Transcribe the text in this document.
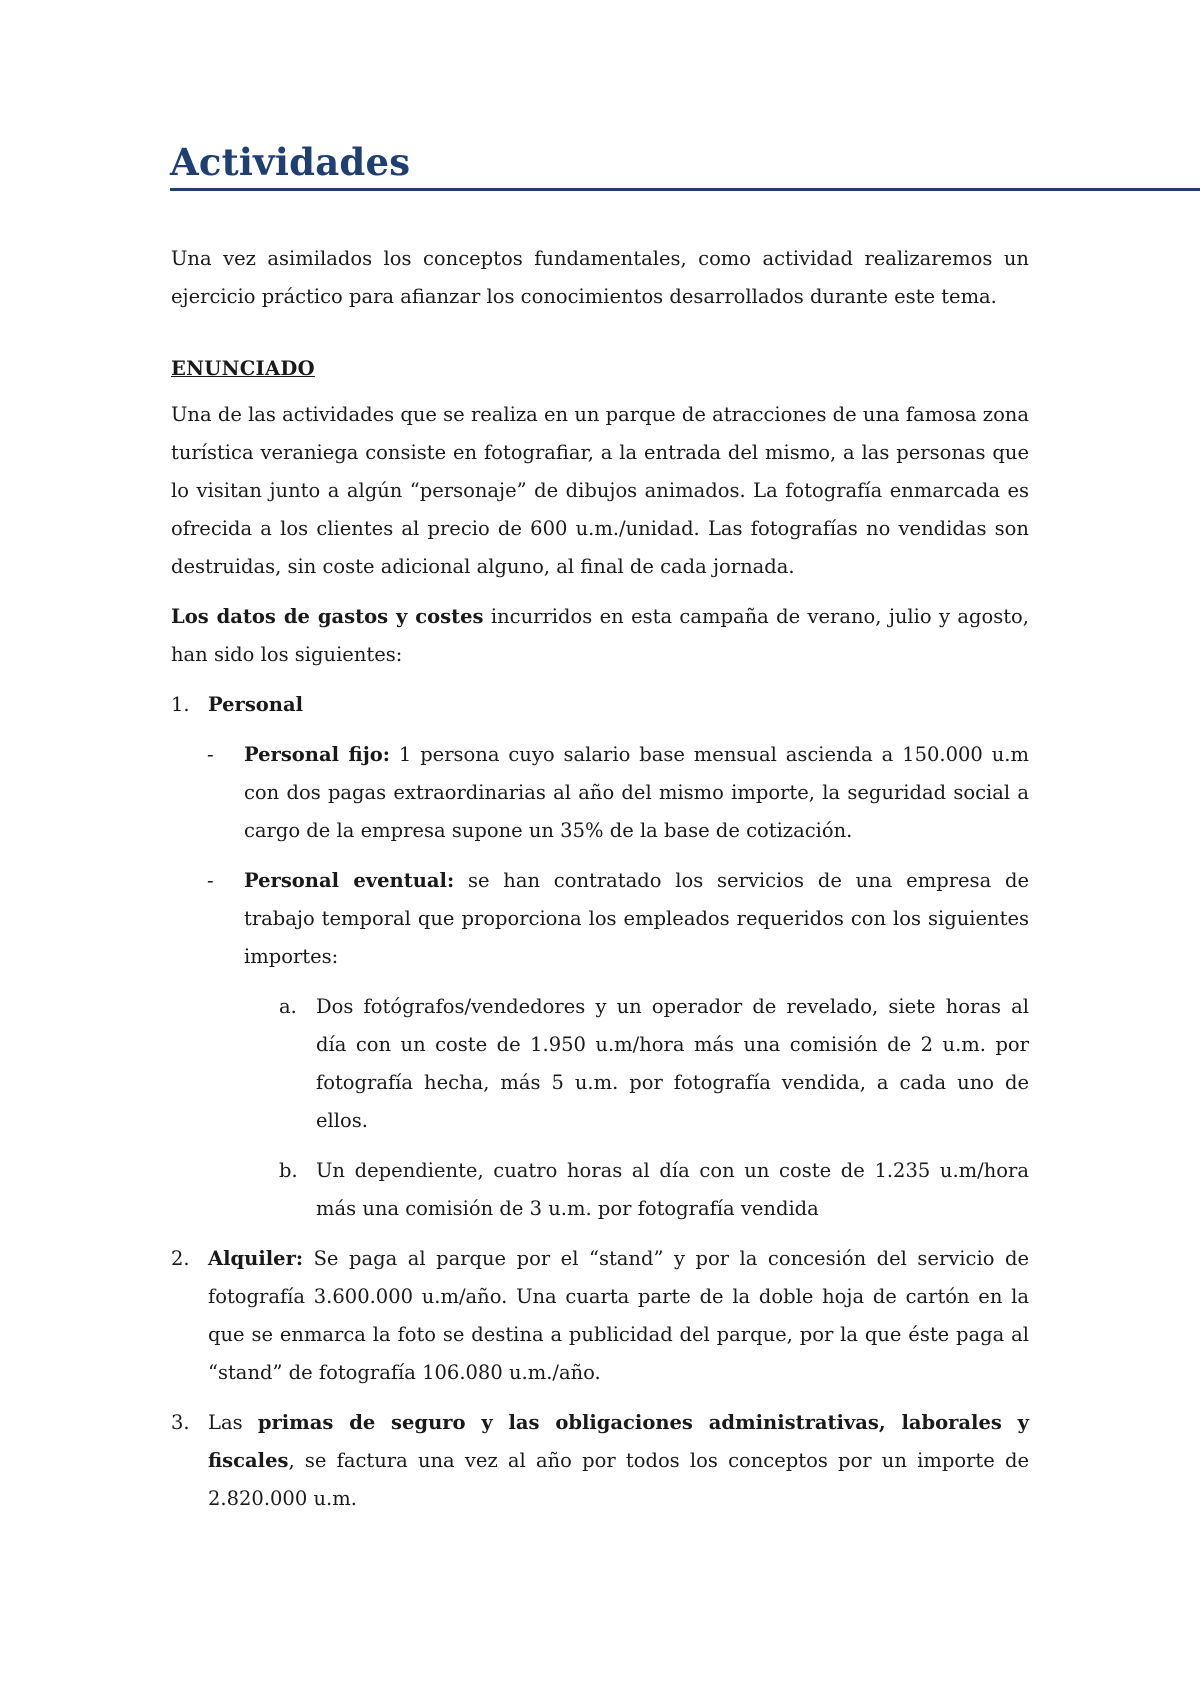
Actividades

Una vez asimilados los conceptos fundamentales, como actividad realizaremos un ejercicio práctico para afianzar los conocimientos desarrollados durante este tema.

ENUNCIADO

Una de las actividades que se realiza en un parque de atracciones de una famosa zona turística veraniega consiste en fotografiar, a la entrada del mismo, a las personas que lo visitan junto a algún “personaje” de dibujos animados. La fotografía enmarcada es ofrecida a los clientes al precio de 600 u.m./unidad. Las fotografías no vendidas son destruidas, sin coste adicional alguno, al final de cada jornada.

Los datos de gastos y costes incurridos en esta campaña de verano, julio y agosto, han sido los siguientes:

1. Personal
- Personal fijo: 1 persona cuyo salario base mensual ascienda a 150.000 u.m con dos pagas extraordinarias al año del mismo importe, la seguridad social a cargo de la empresa supone un 35% de la base de cotización.
- Personal eventual: se han contratado los servicios de una empresa de trabajo temporal que proporciona los empleados requeridos con los siguientes importes:
a. Dos fotógrafos/vendedores y un operador de revelado, siete horas al día con un coste de 1.950 u.m/hora más una comisión de 2 u.m. por fotografía hecha, más 5 u.m. por fotografía vendida, a cada uno de ellos.
b. Un dependiente, cuatro horas al día con un coste de 1.235 u.m/hora más una comisión de 3 u.m. por fotografía vendida
2. Alquiler: Se paga al parque por el “stand” y por la concesión del servicio de fotografía 3.600.000 u.m/año. Una cuarta parte de la doble hoja de cartón en la que se enmarca la foto se destina a publicidad del parque, por la que éste paga al “stand” de fotografía 106.080 u.m./año.
3. Las primas de seguro y las obligaciones administrativas, laborales y fiscales, se factura una vez al año por todos los conceptos por un importe de 2.820.000 u.m.
